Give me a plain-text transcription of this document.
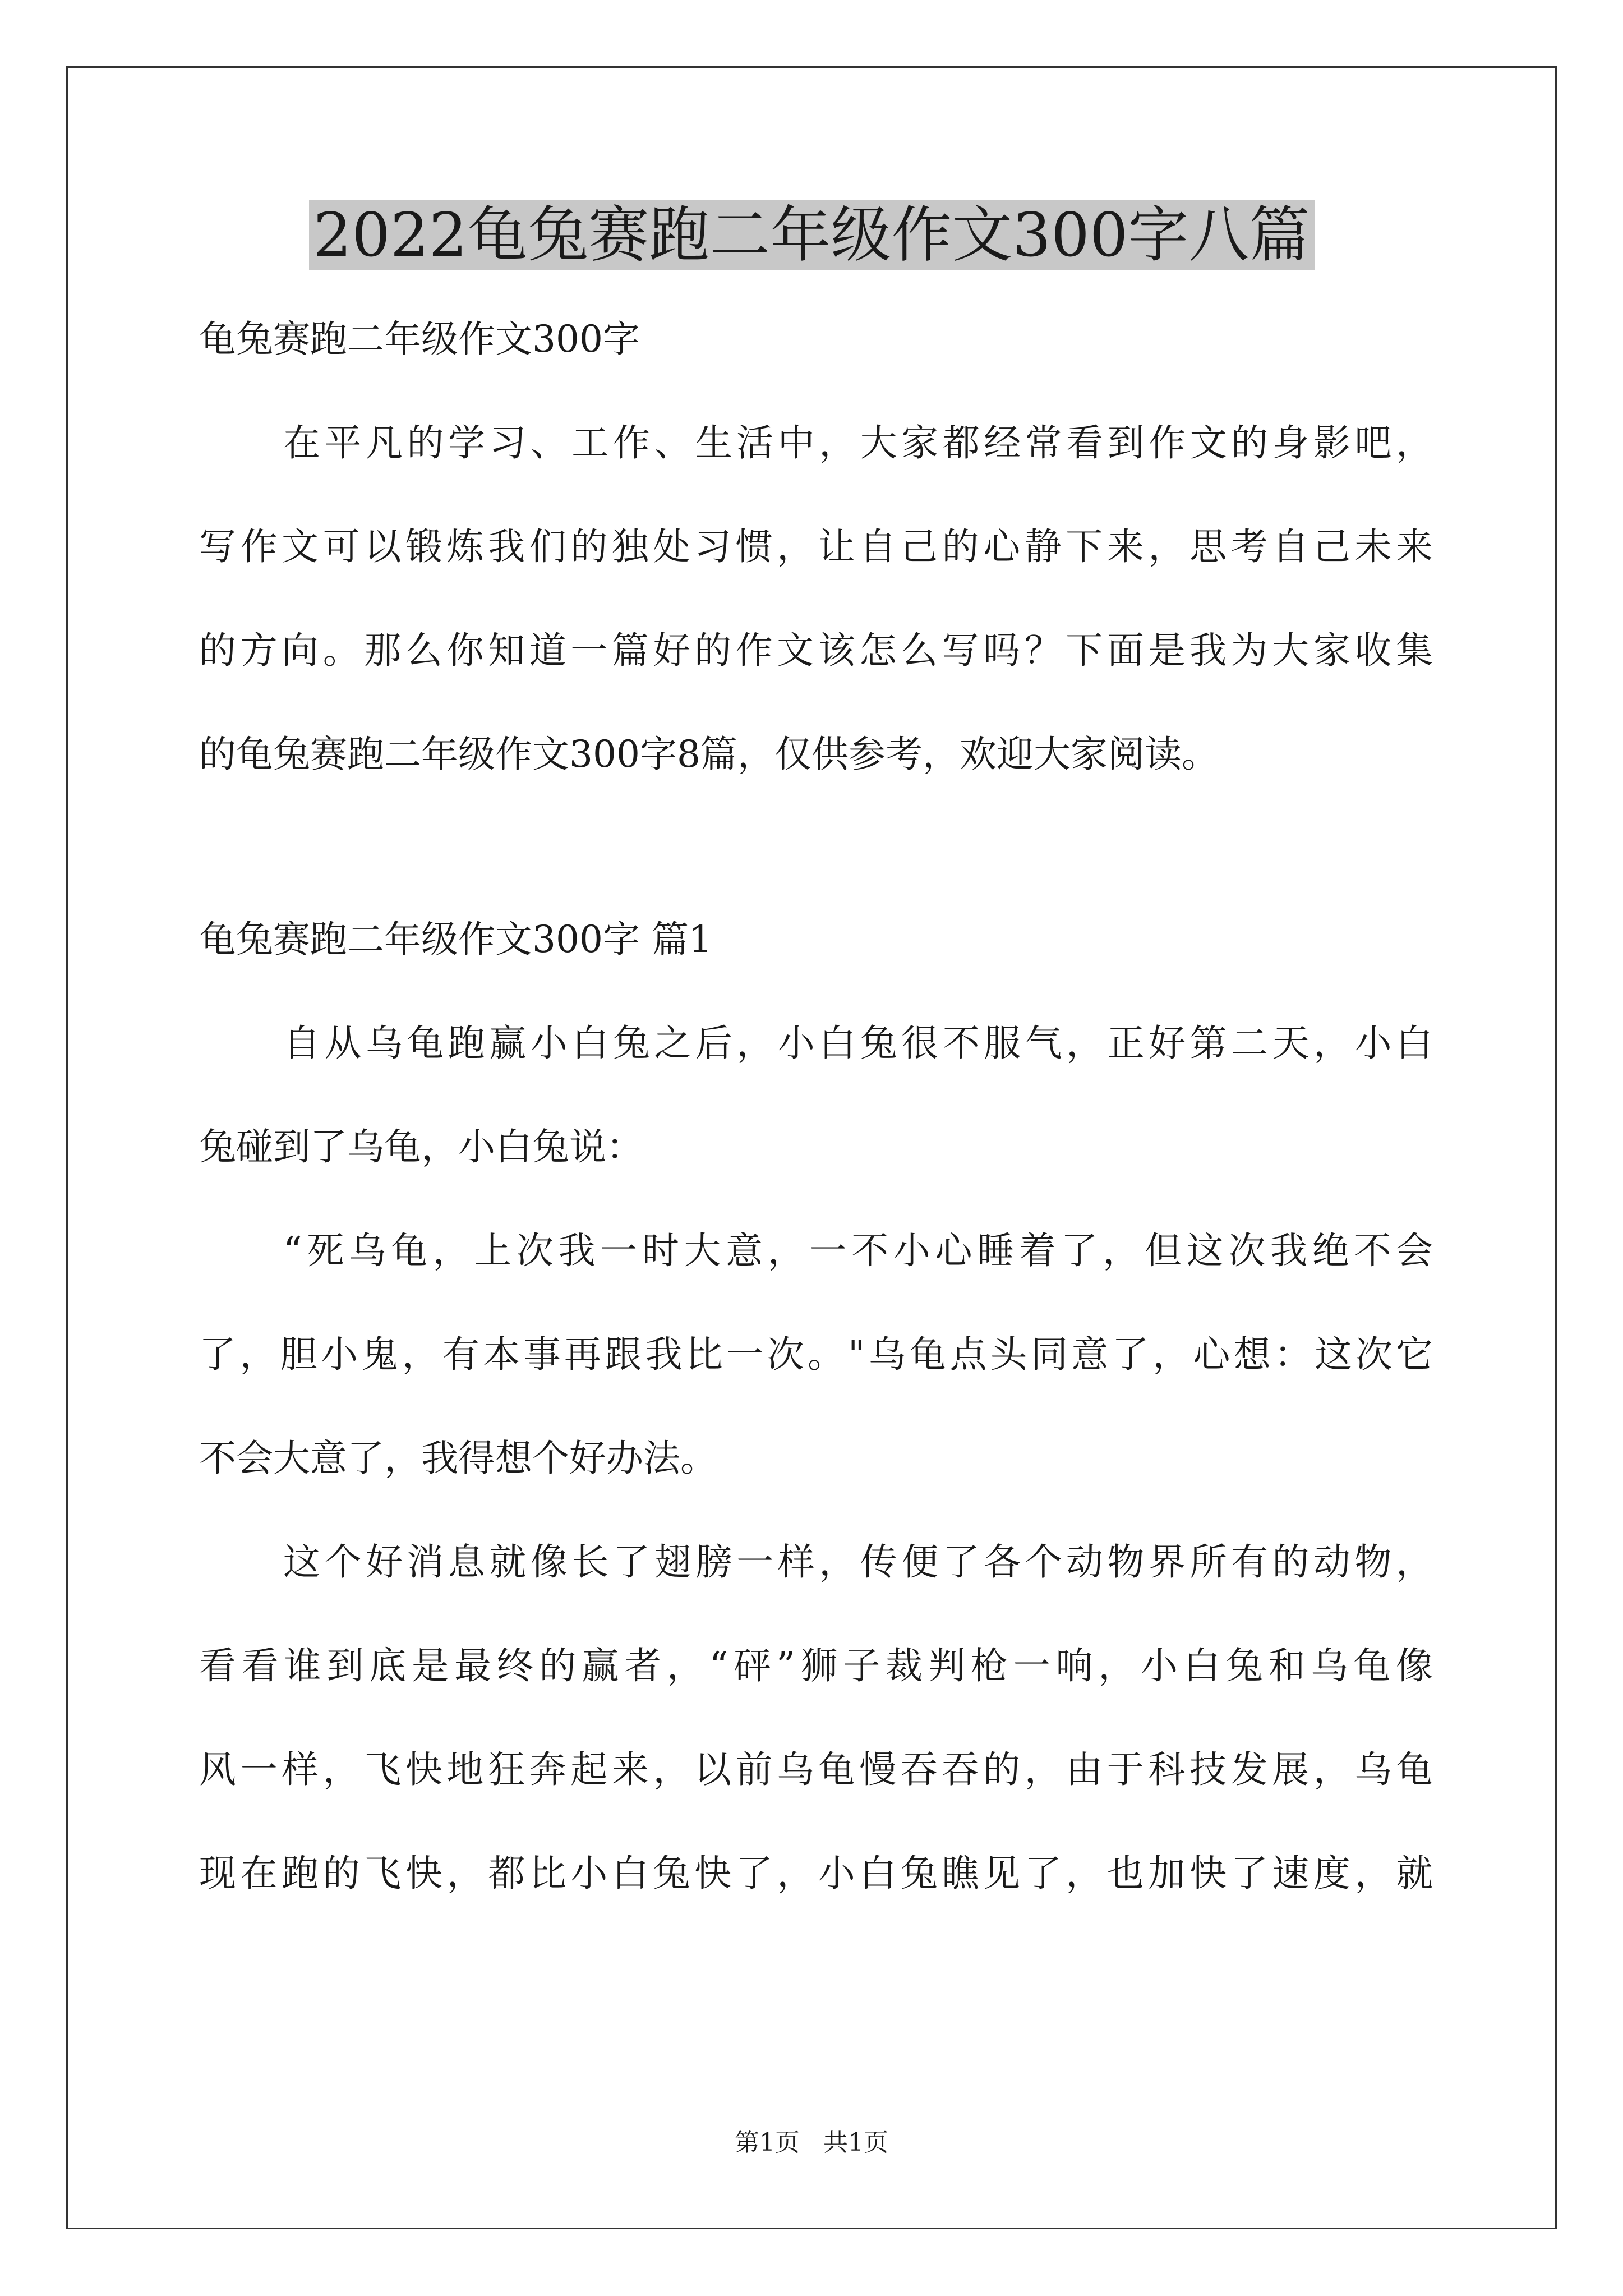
2022龟兔赛跑二年级作文300字八篇
龟兔赛跑二年级作文300字
在平凡的学习、工作、生活中，大家都经常看到作文的身影吧，
写作文可以锻炼我们的独处习惯，让自己的心静下来，思考自己未来
的方向。那么你知道一篇好的作文该怎么写吗？下面是我为大家收集
的龟兔赛跑二年级作文300字8篇，仅供参考，欢迎大家阅读。
龟兔赛跑二年级作文300字 篇1
自从乌龟跑赢小白兔之后，小白兔很不服气，正好第二天，小白
兔碰到了乌龟，小白兔说：
“死乌龟，上次我一时大意，一不小心睡着了，但这次我绝不会
了，胆小鬼，有本事再跟我比一次。"乌龟点头同意了，心想：这次它
不会大意了，我得想个好办法。
这个好消息就像长了翅膀一样，传便了各个动物界所有的动物，
看看谁到底是最终的赢者，“砰”狮子裁判枪一响，小白兔和乌龟像
风一样，飞快地狂奔起来，以前乌龟慢吞吞的，由于科技发展，乌龟
现在跑的飞快，都比小白兔快了，小白兔瞧见了，也加快了速度，就
第1页   共1页
